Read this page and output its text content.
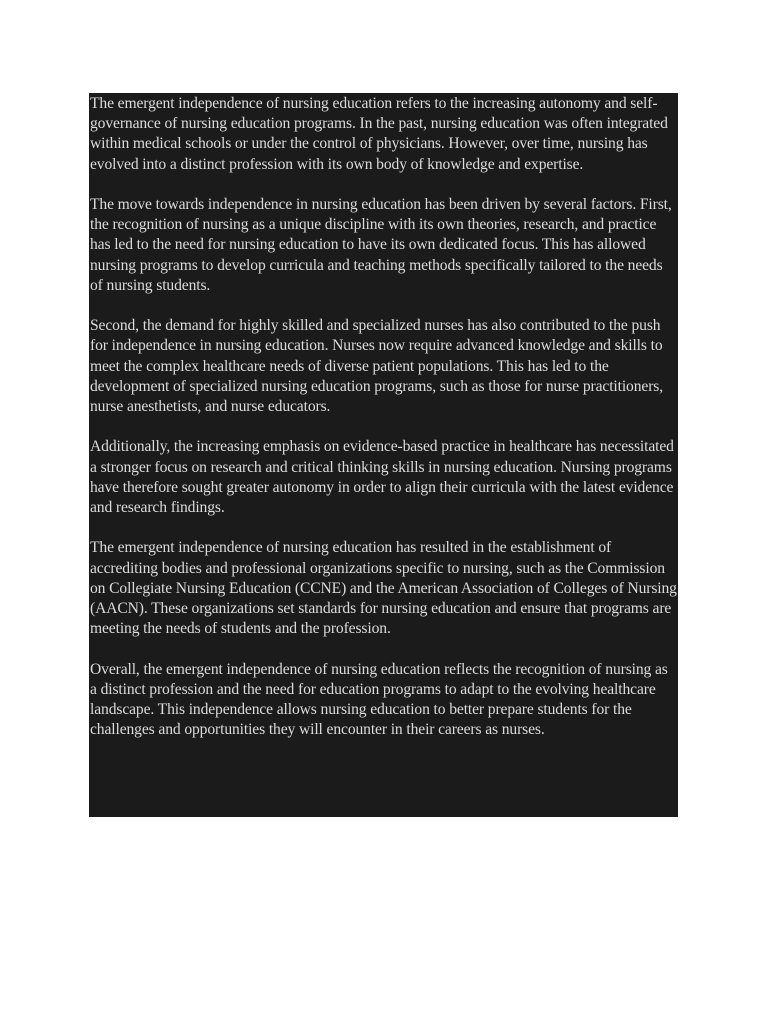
The emergent independence of nursing education refers to the increasing autonomy and self-governance of nursing education programs. In the past, nursing education was often integrated within medical schools or under the control of physicians. However, over time, nursing has evolved into a distinct profession with its own body of knowledge and expertise.

The move towards independence in nursing education has been driven by several factors. First, the recognition of nursing as a unique discipline with its own theories, research, and practice has led to the need for nursing education to have its own dedicated focus. This has allowed nursing programs to develop curricula and teaching methods specifically tailored to the needs of nursing students.

Second, the demand for highly skilled and specialized nurses has also contributed to the push for independence in nursing education. Nurses now require advanced knowledge and skills to meet the complex healthcare needs of diverse patient populations. This has led to the development of specialized nursing education programs, such as those for nurse practitioners, nurse anesthetists, and nurse educators.

Additionally, the increasing emphasis on evidence-based practice in healthcare has necessitated a stronger focus on research and critical thinking skills in nursing education. Nursing programs have therefore sought greater autonomy in order to align their curricula with the latest evidence and research findings.

The emergent independence of nursing education has resulted in the establishment of accrediting bodies and professional organizations specific to nursing, such as the Commission on Collegiate Nursing Education (CCNE) and the American Association of Colleges of Nursing (AACN). These organizations set standards for nursing education and ensure that programs are meeting the needs of students and the profession.

Overall, the emergent independence of nursing education reflects the recognition of nursing as a distinct profession and the need for education programs to adapt to the evolving healthcare landscape. This independence allows nursing education to better prepare students for the challenges and opportunities they will encounter in their careers as nurses.
